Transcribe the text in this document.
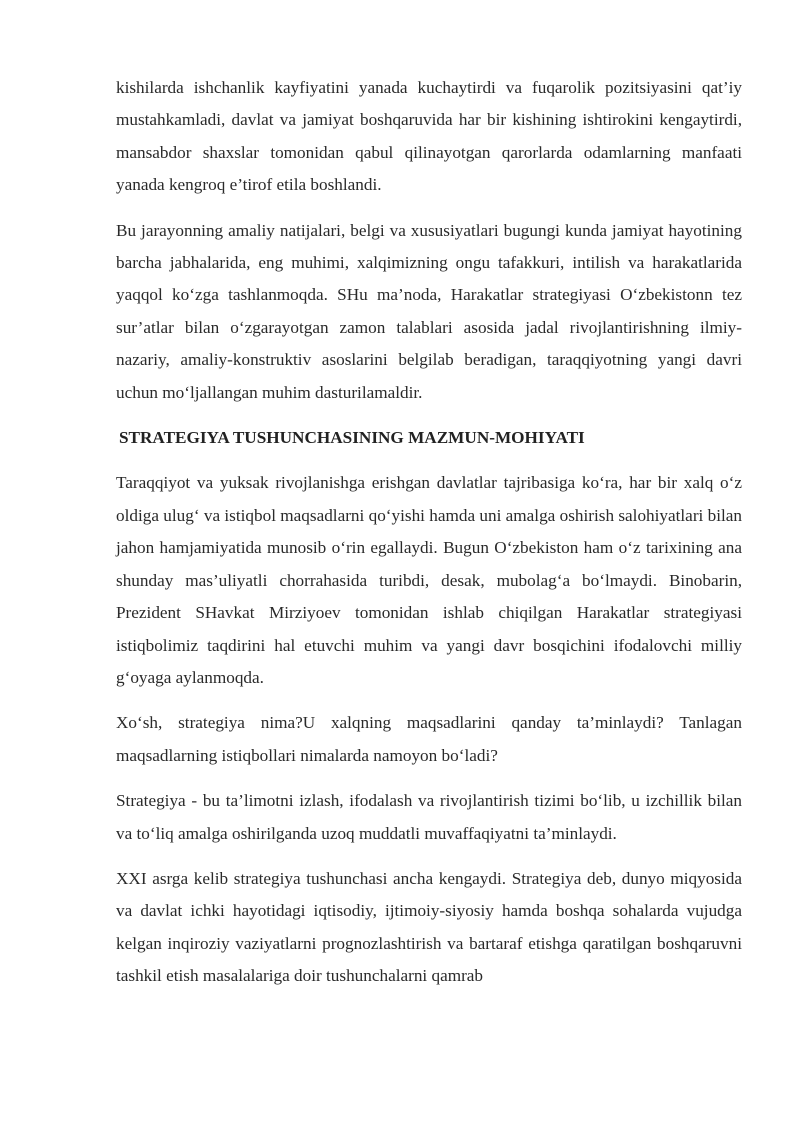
kishilarda ishchanlik kayfiyatini yanada kuchaytirdi va fuqarolik pozitsiyasini qat’iy mustahkamladi, davlat va jamiyat boshqaruvida har bir kishining ishtirokini kengaytirdi, mansabdor shaxslar tomonidan qabul qilinayotgan qarorlarda odamlarning manfaati yanada kengroq e’tirof etila boshlandi.

Bu jarayonning amaliy natijalari, belgi va xususiyatlari bugungi kunda jamiyat hayotining barcha jabhalarida, eng muhimi, xalqimizning ongu tafakkuri, intilish va harakatlarida yaqqol ko‘zga tashlanmoqda. SHu ma’noda, Harakatlar strategiyasi O‘zbekistonn tez sur’atlar bilan o‘zgarayotgan zamon talablari asosida jadal rivojlantirishning ilmiy-nazariy, amaliy-konstruktiv asoslarini belgilab beradigan, taraqqiyotning yangi davri uchun mo‘ljallangan muhim dasturilamaldir.

STRATEGIYA TUSHUNCHASINING MAZMUN-MOHIYATI

Taraqqiyot va yuksak rivojlanishga erishgan davlatlar tajribasiga ko‘ra, har bir xalq o‘z oldiga ulug‘ va istiqbol maqsadlarni qo‘yishi hamda uni amalga oshirish salohiyatlari bilan jahon hamjamiyatida munosib o‘rin egallaydi. Bugun O‘zbekiston ham o‘z tarixining ana shunday mas’uliyatli chorrahasida turibdi, desak, mubolag‘a bo‘lmaydi. Binobarin, Prezident SHavkat Mirziyoev tomonidan ishlab chiqilgan Harakatlar strategiyasi istiqbolimiz taqdirini hal etuvchi muhim va yangi davr bosqichini ifodalovchi milliy g‘oyaga aylanmoqda.

Xo‘sh, strategiya nima?U xalqning maqsadlarini qanday ta’minlaydi? Tanlagan maqsadlarning istiqbollari nimalarda namoyon bo‘ladi?

Strategiya - bu ta’limotni izlash, ifodalash va rivojlantirish tizimi bo‘lib, u izchillik bilan va to‘liq amalga oshirilganda uzoq muddatli muvaffaqiyatni ta’minlaydi.

XXI asrga kelib strategiya tushunchasi ancha kengaydi. Strategiya deb, dunyo miqyosida va davlat ichki hayotidagi iqtisodiy, ijtimoiy-siyosiy hamda boshqa sohalarda vujudga kelgan inqiroziy vaziyatlarni prognozlashtirish va bartaraf etishga qaratilgan boshqaruvni tashkil etish masalalariga doir tushunchalarni qamrab
